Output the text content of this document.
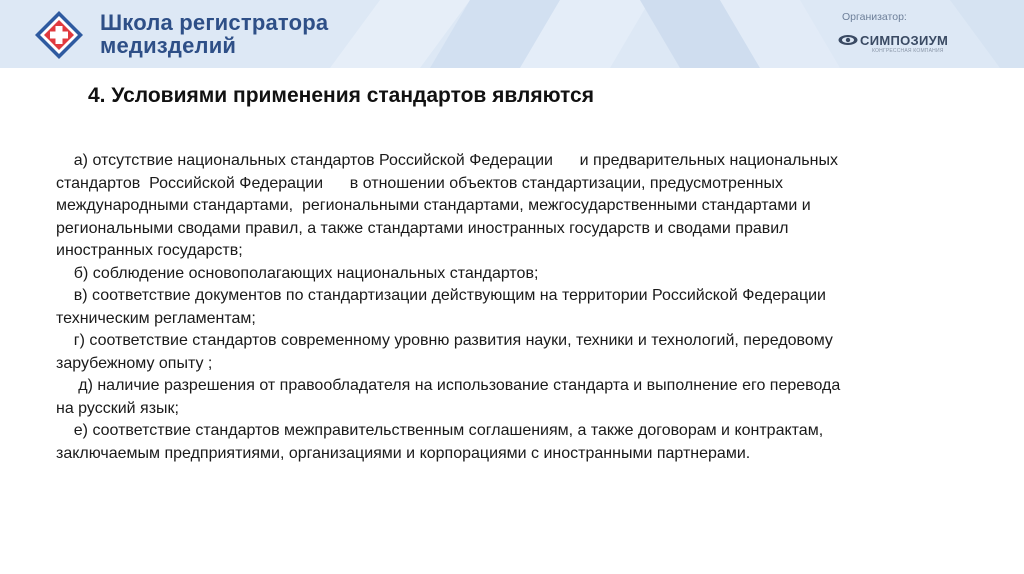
Школа регистратора
медизделий
Организатор:
СИМПОЗИУМ
КОНГРЕССНАЯ КОМПАНИЯ
4. Условиями применения стандартов являются
а) отсутствие национальных стандартов Российской Федерации      и предварительных национальных
стандартов  Российской Федерации      в отношении объектов стандартизации, предусмотренных
международными стандартами,  региональными стандартами, межгосударственными стандартами и
региональными сводами правил, а также стандартами иностранных государств и сводами правил
иностранных государств;
б) соблюдение основополагающих национальных стандартов;
в) соответствие документов по стандартизации действующим на территории Российской Федерации
техническим регламентам;
г) соответствие стандартов современному уровню развития науки, техники и технологий, передовому
зарубежному опыту ;
д) наличие разрешения от правообладателя на использование стандарта и выполнение его перевода
на русский язык;
е) соответствие стандартов межправительственным соглашениям, а также договорам и контрактам,
заключаемым предприятиями, организациями и корпорациями с иностранными партнерами.
